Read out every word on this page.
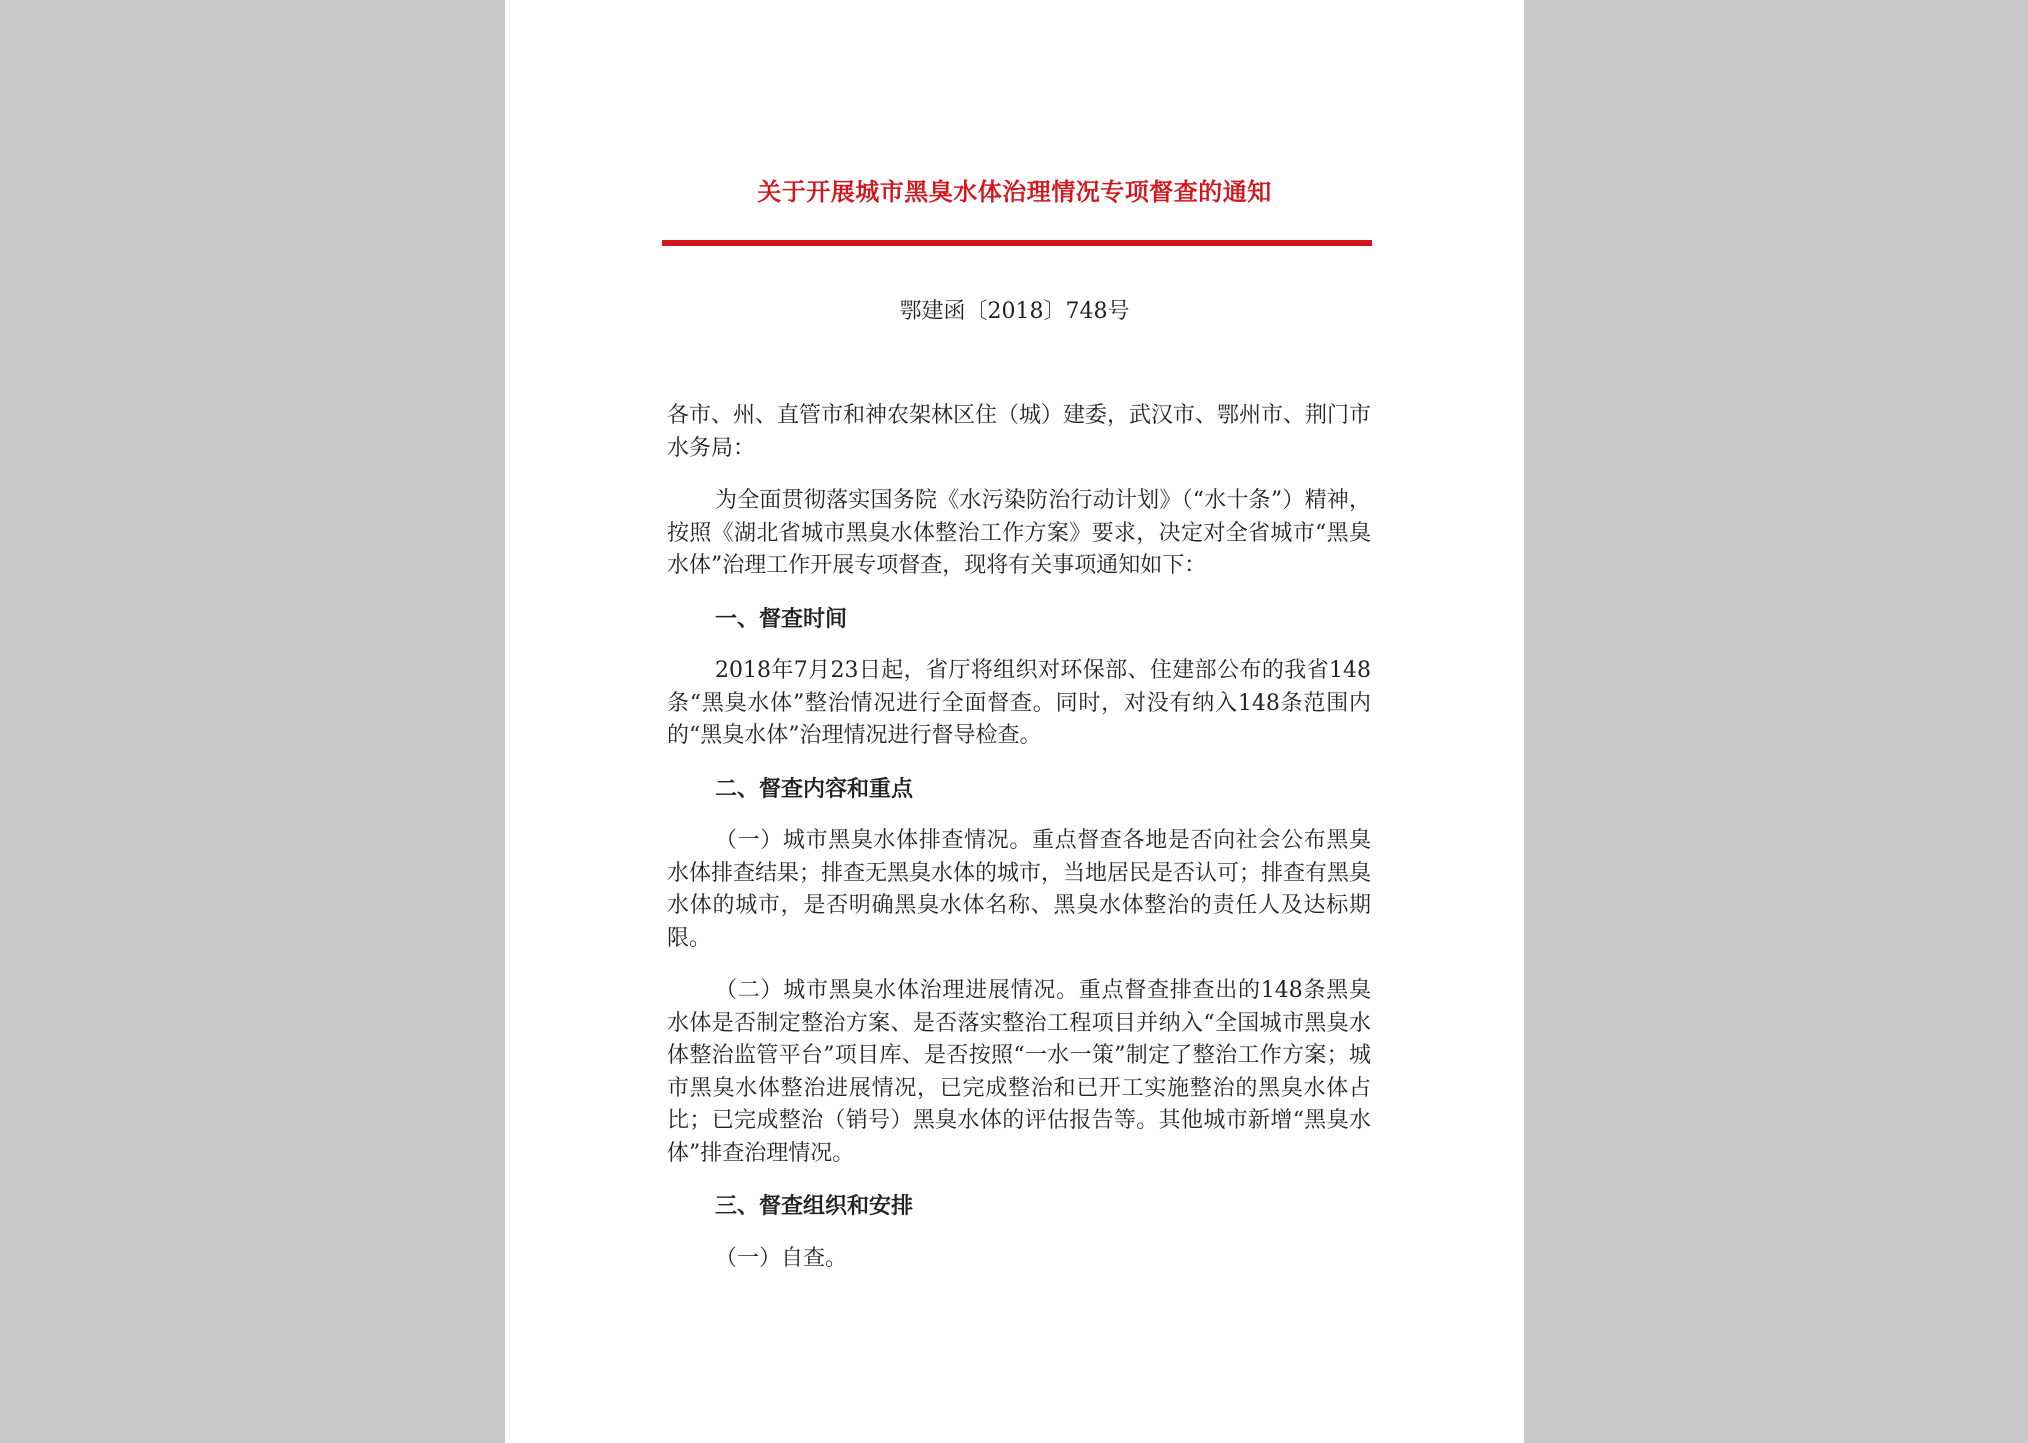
关于开展城市黑臭水体治理情况专项督查的通知
鄂建函〔2018〕748号

各市、州、直管市和神农架林区住（城）建委，武汉市、鄂州市、荆门市水务局：

为全面贯彻落实国务院《水污染防治行动计划》（“水十条”）精神，按照《湖北省城市黑臭水体整治工作方案》要求，决定对全省城市“黑臭水体”治理工作开展专项督查，现将有关事项通知如下：

一、督查时间

2018年7月23日起，省厅将组织对环保部、住建部公布的我省148条“黑臭水体”整治情况进行全面督查。同时，对没有纳入148条范围内的“黑臭水体”治理情况进行督导检查。

二、督查内容和重点

（一）城市黑臭水体排查情况。重点督查各地是否向社会公布黑臭水体排查结果；排查无黑臭水体的城市，当地居民是否认可；排查有黑臭水体的城市，是否明确黑臭水体名称、黑臭水体整治的责任人及达标期限。

（二）城市黑臭水体治理进展情况。重点督查排查出的148条黑臭水体是否制定整治方案、是否落实整治工程项目并纳入“全国城市黑臭水体整治监管平台”项目库、是否按照“一水一策”制定了整治工作方案；城市黑臭水体整治进展情况，已完成整治和已开工实施整治的黑臭水体占比；已完成整治（销号）黑臭水体的评估报告等。其他城市新增“黑臭水体”排查治理情况。

三、督查组织和安排

（一）自查。
